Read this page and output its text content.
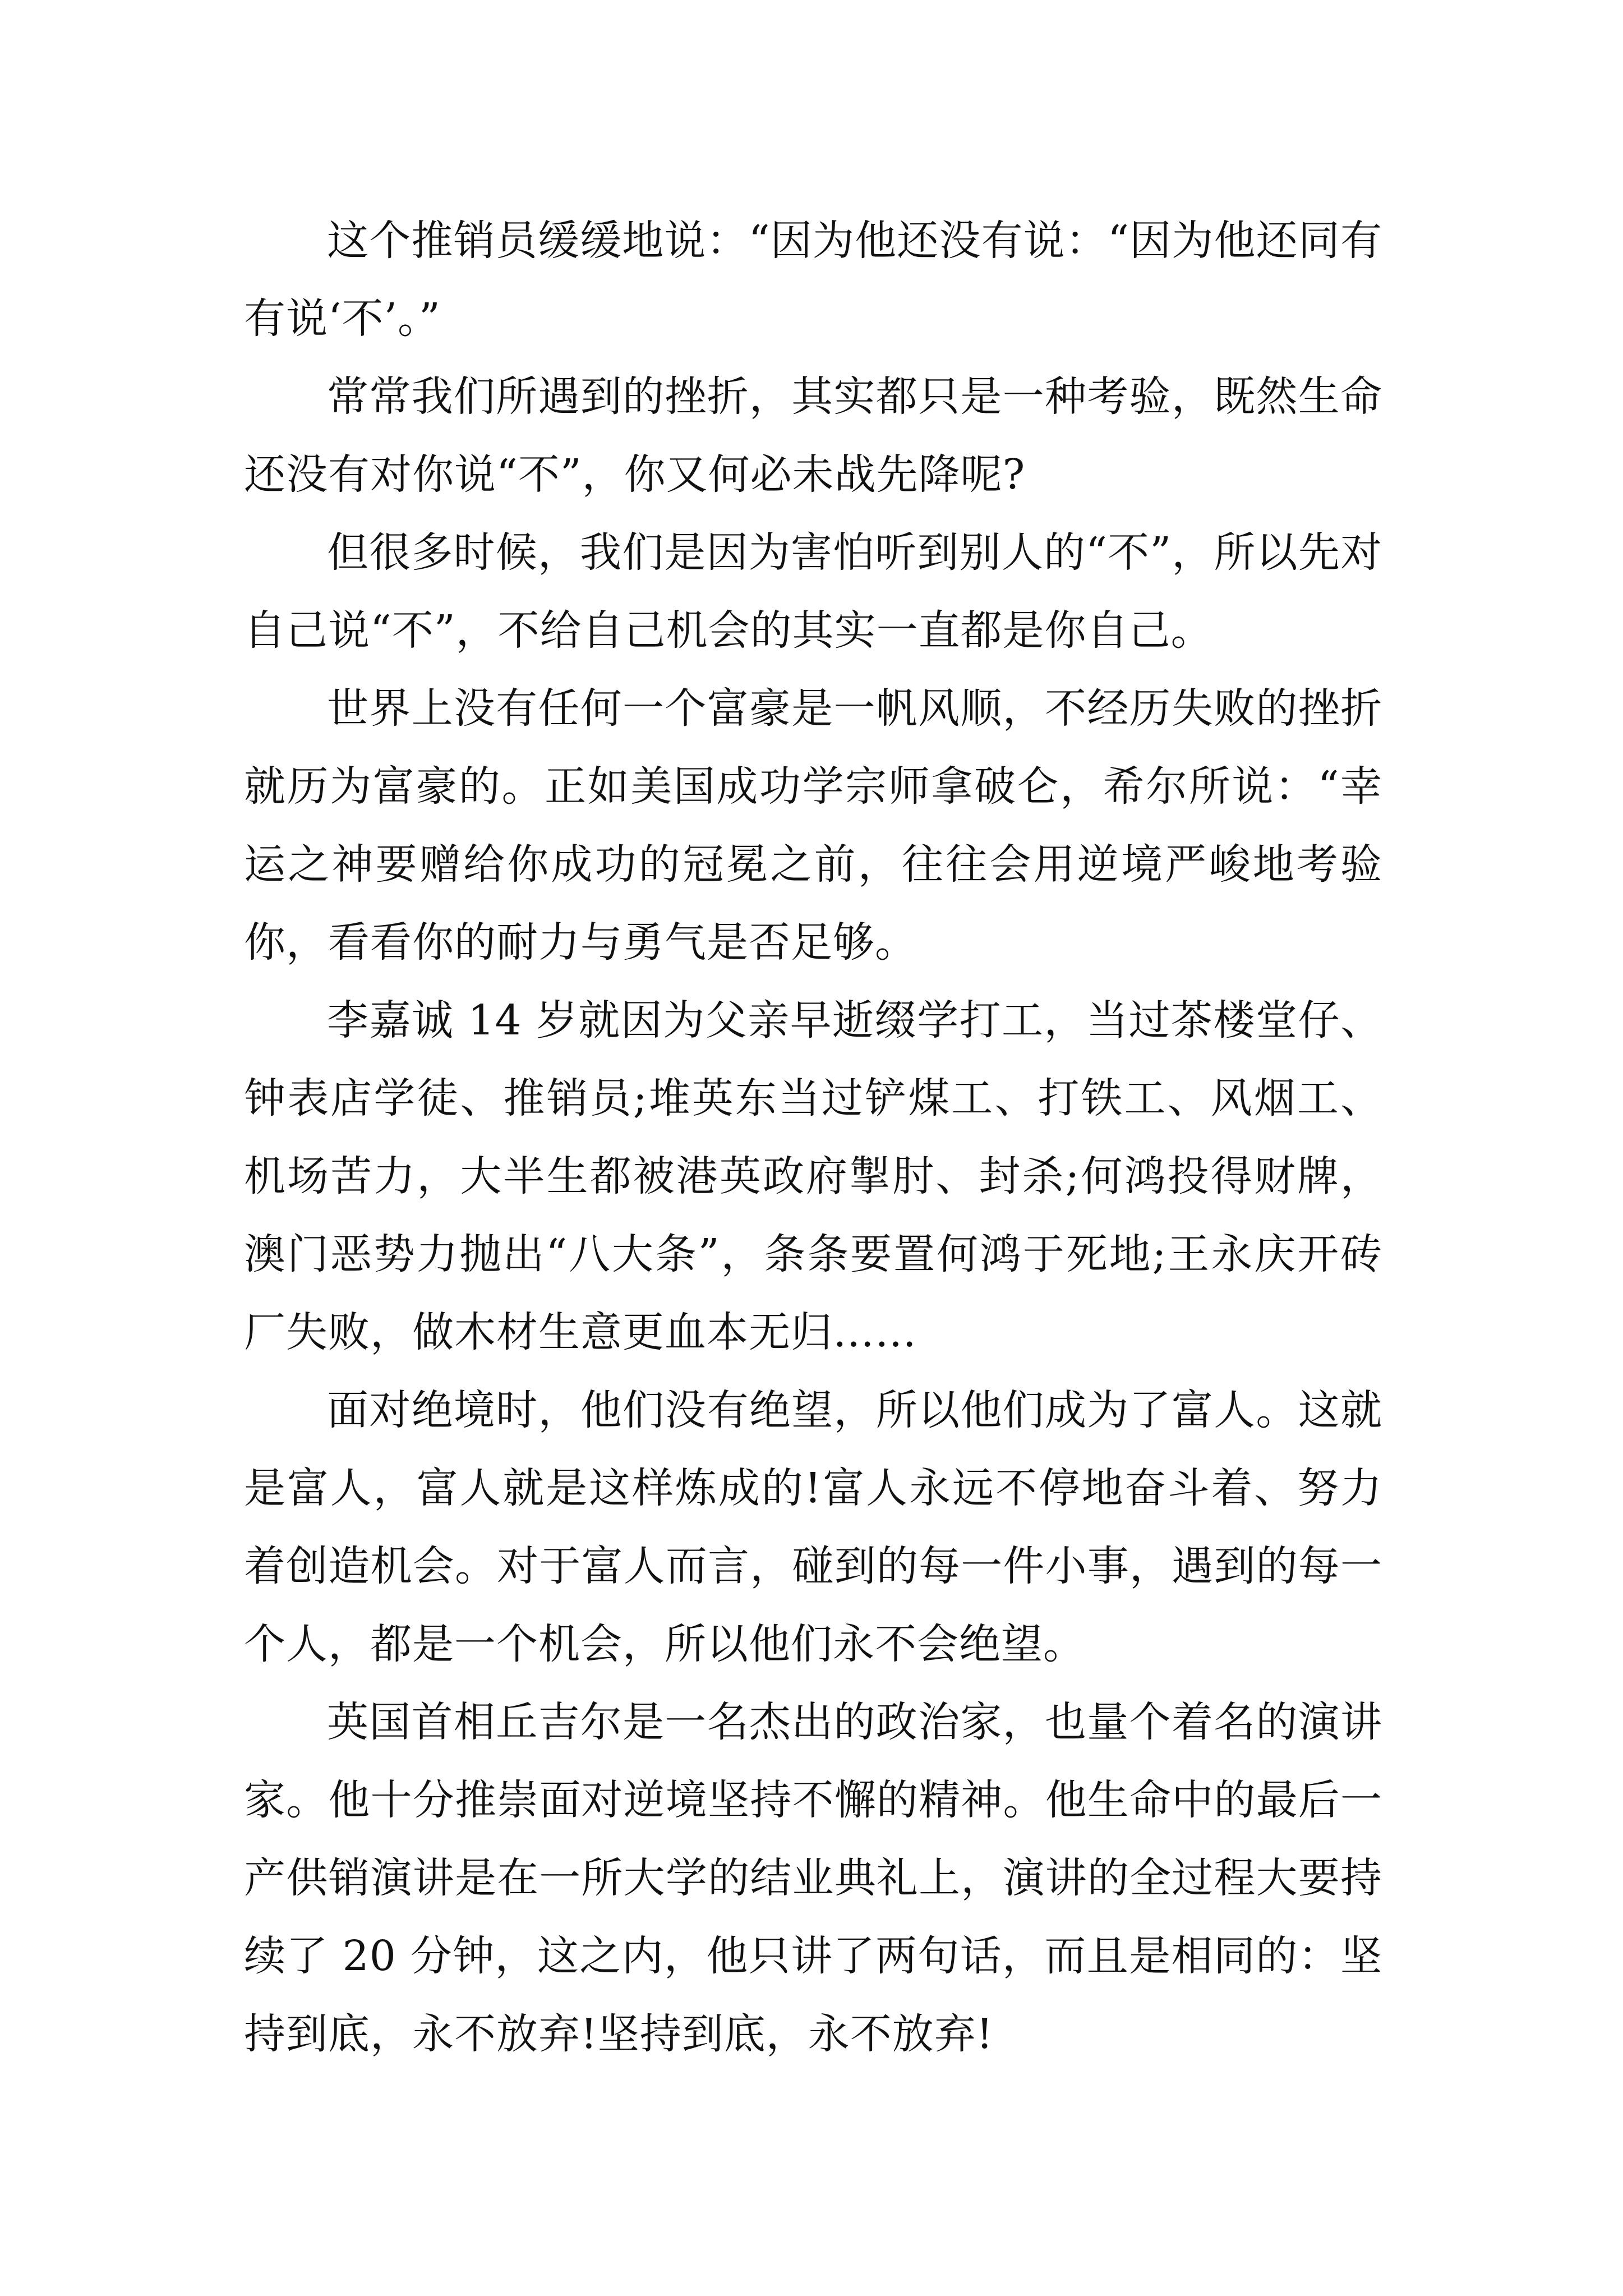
这个推销员缓缓地说：“因为他还没有说：“因为他还同有有说‘不’。”

常常我们所遇到的挫折，其实都只是一种考验，既然生命还没有对你说“不”，你又何必未战先降呢?

但很多时候，我们是因为害怕听到别人的“不”，所以先对自己说“不”，不给自己机会的其实一直都是你自己。

世界上没有任何一个富豪是一帆风顺，不经历失败的挫折就历为富豪的。正如美国成功学宗师拿破仑，希尔所说：“幸运之神要赠给你成功的冠冕之前，往往会用逆境严峻地考验你，看看你的耐力与勇气是否足够。

李嘉诚 14 岁就因为父亲早逝缀学打工，当过茶楼堂仔、钟表店学徒、推销员;堆英东当过铲煤工、打铁工、风烟工、机场苦力，大半生都被港英政府掣肘、封杀;何鸿投得财牌，澳门恶势力抛出“八大条”，条条要置何鸿于死地;王永庆开砖厂失败，做木材生意更血本无归……

面对绝境时，他们没有绝望，所以他们成为了富人。这就是富人，富人就是这样炼成的!富人永远不停地奋斗着、努力着创造机会。对于富人而言，碰到的每一件小事，遇到的每一个人，都是一个机会，所以他们永不会绝望。

英国首相丘吉尔是一名杰出的政治家，也量个着名的演讲家。他十分推崇面对逆境坚持不懈的精神。他生命中的最后一产供销演讲是在一所大学的结业典礼上，演讲的全过程大要持续了 20 分钟，这之内，他只讲了两句话，而且是相同的：坚持到底，永不放弃!坚持到底，永不放弃!
